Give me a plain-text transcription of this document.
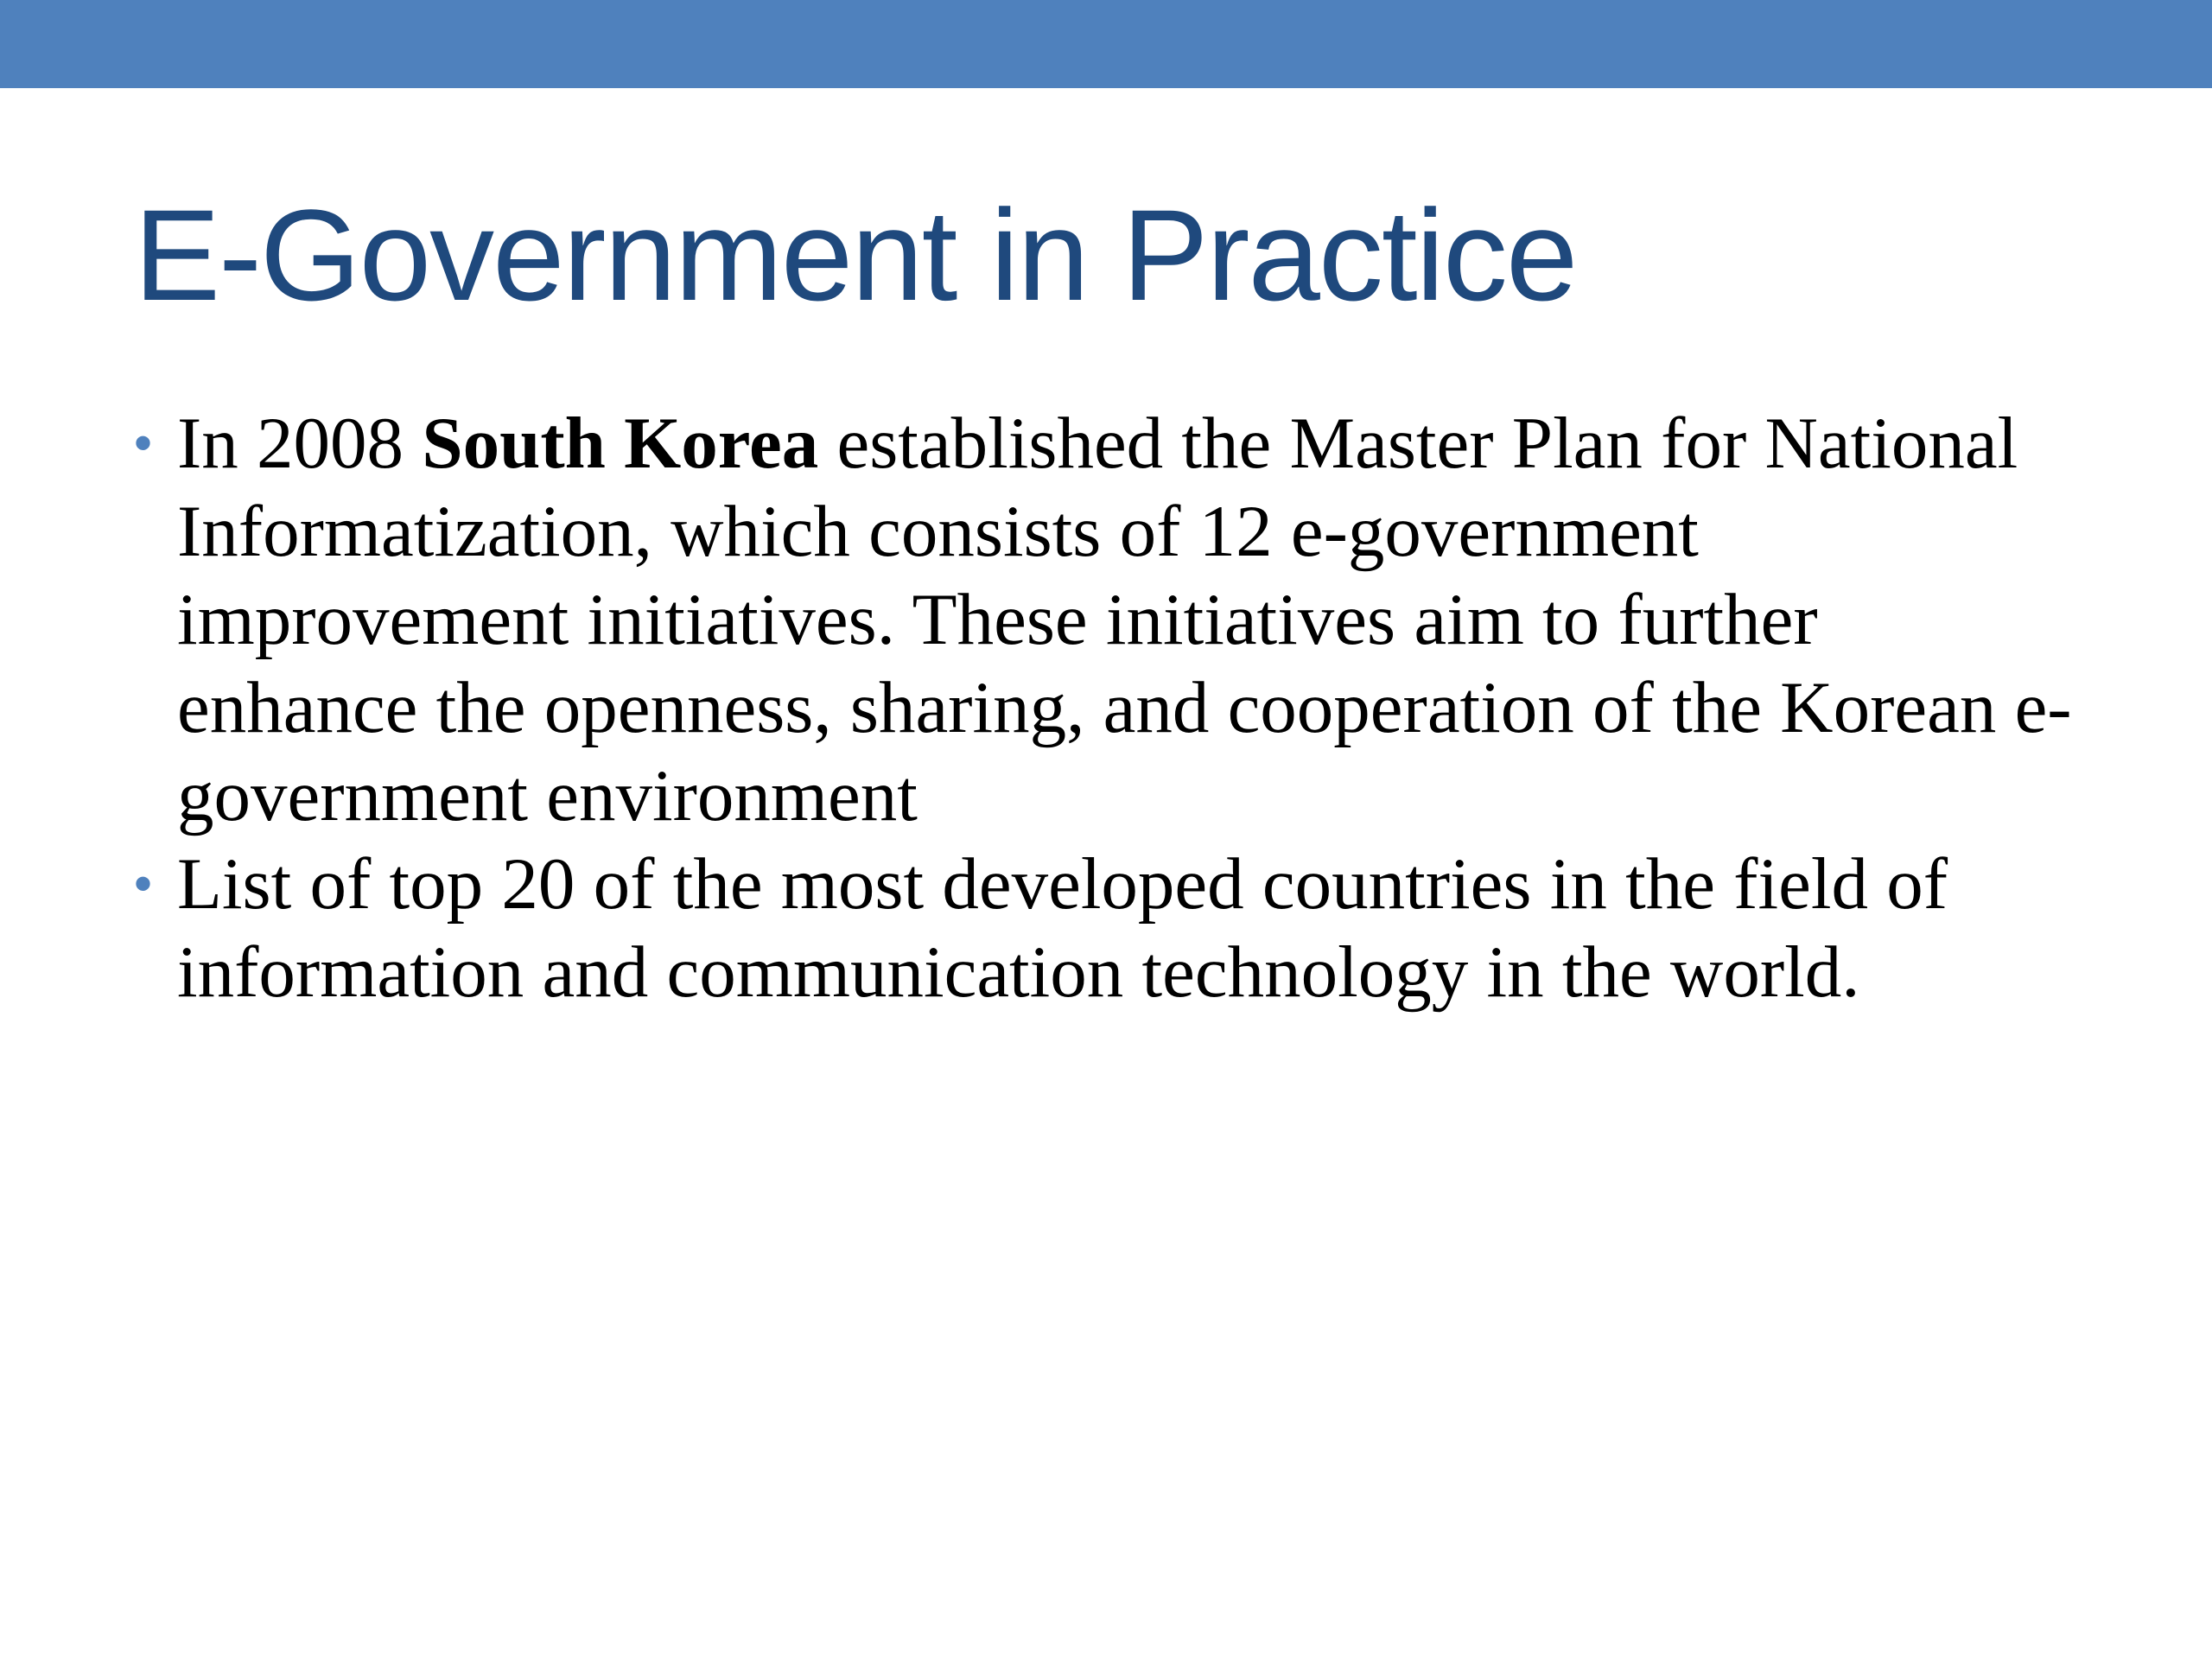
E-Government in Practice
• In 2008 South Korea established the Master Plan for National
Informatization, which consists of 12 e-government
improvement initiatives. These initiatives aim to further
enhance the openness, sharing, and cooperation of the Korean e-
government environment
• List of top 20 of the most developed countries in the field of
information and communication technology in the world.
